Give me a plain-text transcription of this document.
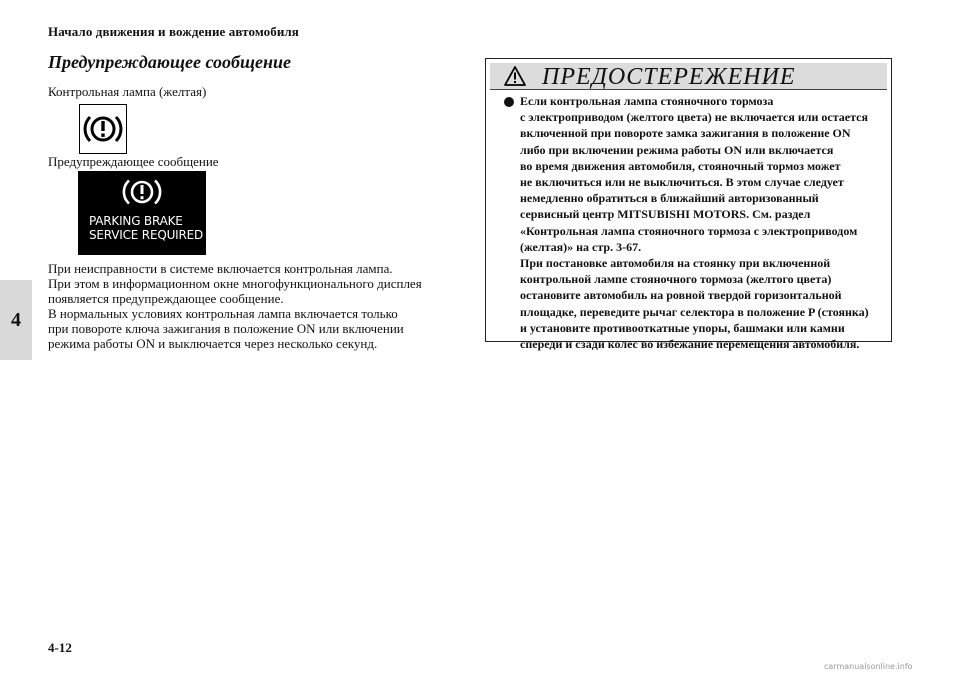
Начало движения и вождение автомобиля
Предупреждающее сообщение
Контрольная лампа (желтая)
Предупреждающее сообщение
PARKING BRAKE
SERVICE REQUIRED
При неисправности в системе включается контрольная лампа.
При этом в информационном окне многофункционального дисплея
появляется предупреждающее сообщение.
В нормальных условиях контрольная лампа включается только
при повороте ключа зажигания в положение ON или включении
режима работы ON и выключается через несколько секунд.
4
ПРЕДОСТЕРЕЖЕНИЕ
Если контрольная лампа стояночного тормоза
с электроприводом (желтого цвета) не включается или остается
включенной при повороте замка зажигания в положение ON
либо при включении режима работы ON или включается
во время движения автомобиля, стояночный тормоз может
не включиться или не выключиться. В этом случае следует
немедленно обратиться в ближайший авторизованный
сервисный центр MITSUBISHI MOTORS. См. раздел
«Контрольная лампа стояночного тормоза с электроприводом
(желтая)» на стр. 3-67.
При постановке автомобиля на стоянку при включенной
контрольной лампе стояночного тормоза (желтого цвета)
остановите автомобиль на ровной твердой горизонтальной
площадке, переведите рычаг селектора в положение P (стоянка)
и установите противооткатные упоры, башмаки или камни
спереди и сзади колес во избежание перемещения автомобиля.
4-12
carmanualsonline.info
